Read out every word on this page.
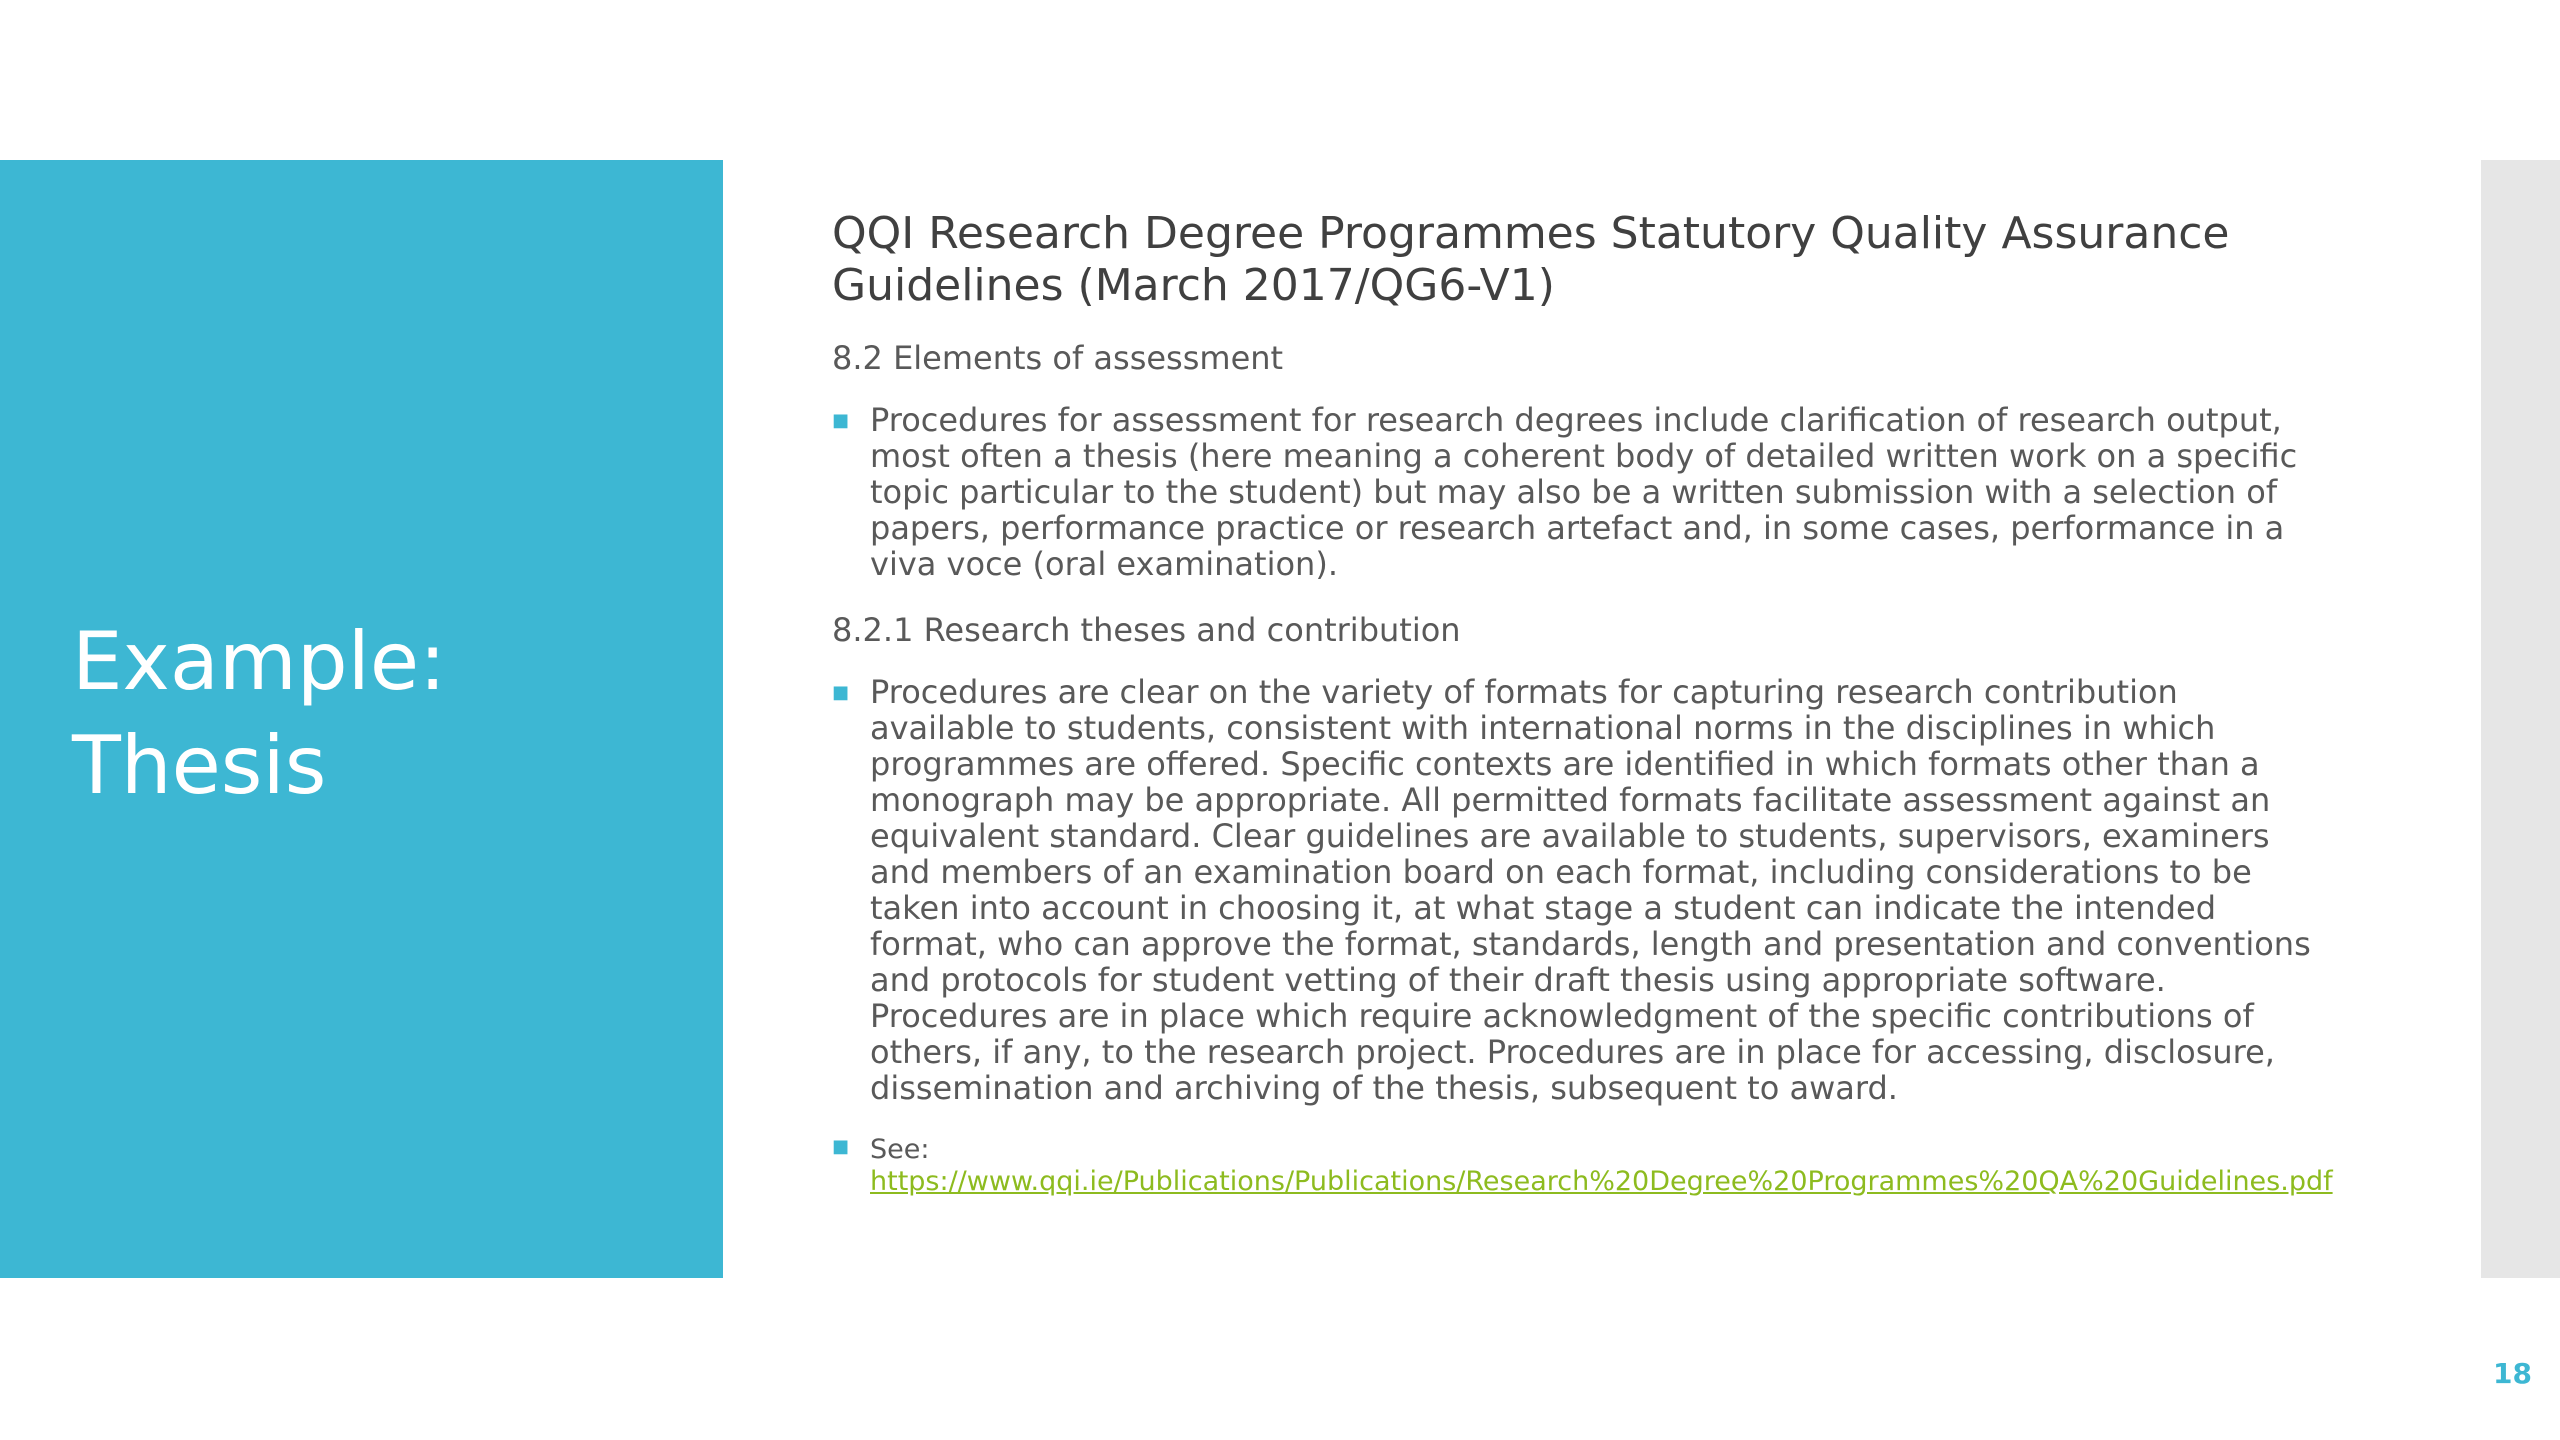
Example:
Thesis
QQI Research Degree Programmes Statutory Quality Assurance Guidelines (March 2017/QG6-V1)

8.2 Elements of assessment

■ Procedures for assessment for research degrees include clarification of research output, most often a thesis (here meaning a coherent body of detailed written work on a specific topic particular to the student) but may also be a written submission with a selection of papers, performance practice or research artefact and, in some cases, performance in a viva voce (oral examination).

8.2.1 Research theses and contribution

■ Procedures are clear on the variety of formats for capturing research contribution available to students, consistent with international norms in the disciplines in which programmes are offered. Specific contexts are identified in which formats other than a monograph may be appropriate. All permitted formats facilitate assessment against an equivalent standard. Clear guidelines are available to students, supervisors, examiners and members of an examination board on each format, including considerations to be taken into account in choosing it, at what stage a student can indicate the intended format, who can approve the format, standards, length and presentation and conventions and protocols for student vetting of their draft thesis using appropriate software. Procedures are in place which require acknowledgment of the specific contributions of others, if any, to the research project. Procedures are in place for accessing, disclosure, dissemination and archiving of the thesis, subsequent to award.
■ See:
https://www.qqi.ie/Publications/Publications/Research%20Degree%20Programmes%20QA%20Guidelines.pdf
18
